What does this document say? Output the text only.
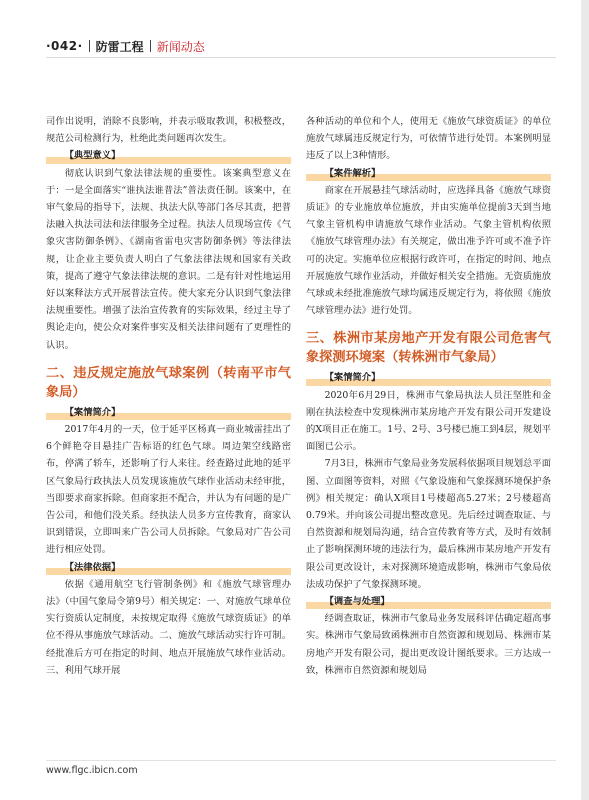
·042· 防雷工程 新闻动态

司作出说明，消除不良影响，并表示吸取教训，积极整改，规范公司检测行为，杜绝此类问题再次发生。

【典型意义】

彻底认识到气象法律法规的重要性。该案典型意义在于：一是全面落实“谁执法谁普法”普法责任制。该案中，在审气象局的指导下，法规、执法大队等部门各尽其责，把普法融入执法司法和法律服务全过程。执法人员现场宣传《气象灾害防御条例》、《湖南省雷电灾害防御条例》等法律法规，让企业主要负责人明白了气象法律法规和国家有关政策，提高了遵守气象法律法规的意识。二是有针对性地运用好以案释法方式开展普法宣传。使大家充分认识到气象法律法规重要性。增强了法治宣传教育的实际效果，经过主导了舆论走向，使公众对案件事实及相关法律问题有了更理性的认识。

二、违反规定施放气球案例（转南平市气象局）
【案情简介】

2017年4月的一天，位于延平区杨真一商业城雷挂出了6个鲜艳夺目悬挂广告标语的红色气球。周边架空线路密布，停满了轿车，还影响了行人来往。经查路过此地的延平区气象局行政执法人员发现该施放气球作业活动未经审批，当即要求商家拆除。但商家拒不配合，并认为有问题的是广告公司，和他们没关系。经执法人员多方宣传教育，商家认识到错误，立即叫来广告公司人员拆除。气象局对广告公司进行相应处罚。

【法律依据】

依据《通用航空飞行管制条例》和《施放气球管理办法》（中国气象局令第9号）相关规定：一、对施放气球单位实行资质认定制度，未按规定取得《施放气球资质证》的单位不得从事施放气球活动。二、施放气球活动实行许可制。经批准后方可在指定的时间、地点开展施放气球作业活动。三、利用气球开展

各种活动的单位和个人，使用无《施放气球资质证》的单位施放气球属违反规定行为，可依情节进行处罚。本案例明显违反了以上3种情形。

【案件解析】

商家在开展悬挂气球活动时，应选择具备《施放气球资质证》的专业施放单位施放，并由实施单位提前3天到当地气象主管机构申请施放气球作业活动。气象主管机构依照《施放气球管理办法》有关规定，做出准予许可或不准予许可的决定。实施单位应根据行政许可，在指定的时间、地点开展施放气球作业活动，并做好相关安全措施。无资质施放气球或未经批准施放气球均属违反规定行为，将依照《施放气球管理办法》进行处罚。

三、株洲市某房地产开发有限公司危害气象探测环境案（转株洲市气象局）
【案情简介】

2020年6月29日，株洲市气象局执法人员汪坚胜和金刚在执法检查中发现株洲市某房地产开发有限公司开发建设的X项目正在施工。1号、2号、3号楼已施工到4层，规划平面图已公示。

7月3日，株洲市气象局业务发展科依据项目规划总平面图、立面图等资料，对照《气象设施和气象探测环境保护条例》相关规定：确认X项目1号楼超高5.27米；2号楼超高0.79米。并向该公司提出整改意见。先后经过调查取证、与自然资源和规划局沟通，结合宣传教育等方式，及时有效制止了影响探测环境的违法行为，最后株洲市某房地产开发有限公司更改设计，未对探测环境造成影响，株洲市气象局依法成功保护了气象探测环境。

【调查与处理】

经调查取证，株洲市气象局业务发展科评估确定超高事实。株洲市气象局致函株洲市自然资源和规划局、株洲市某房地产开发有限公司，提出更改设计图纸要求。三方达成一致，株洲市自然资源和规划局

www.flgc.ibicn.com
